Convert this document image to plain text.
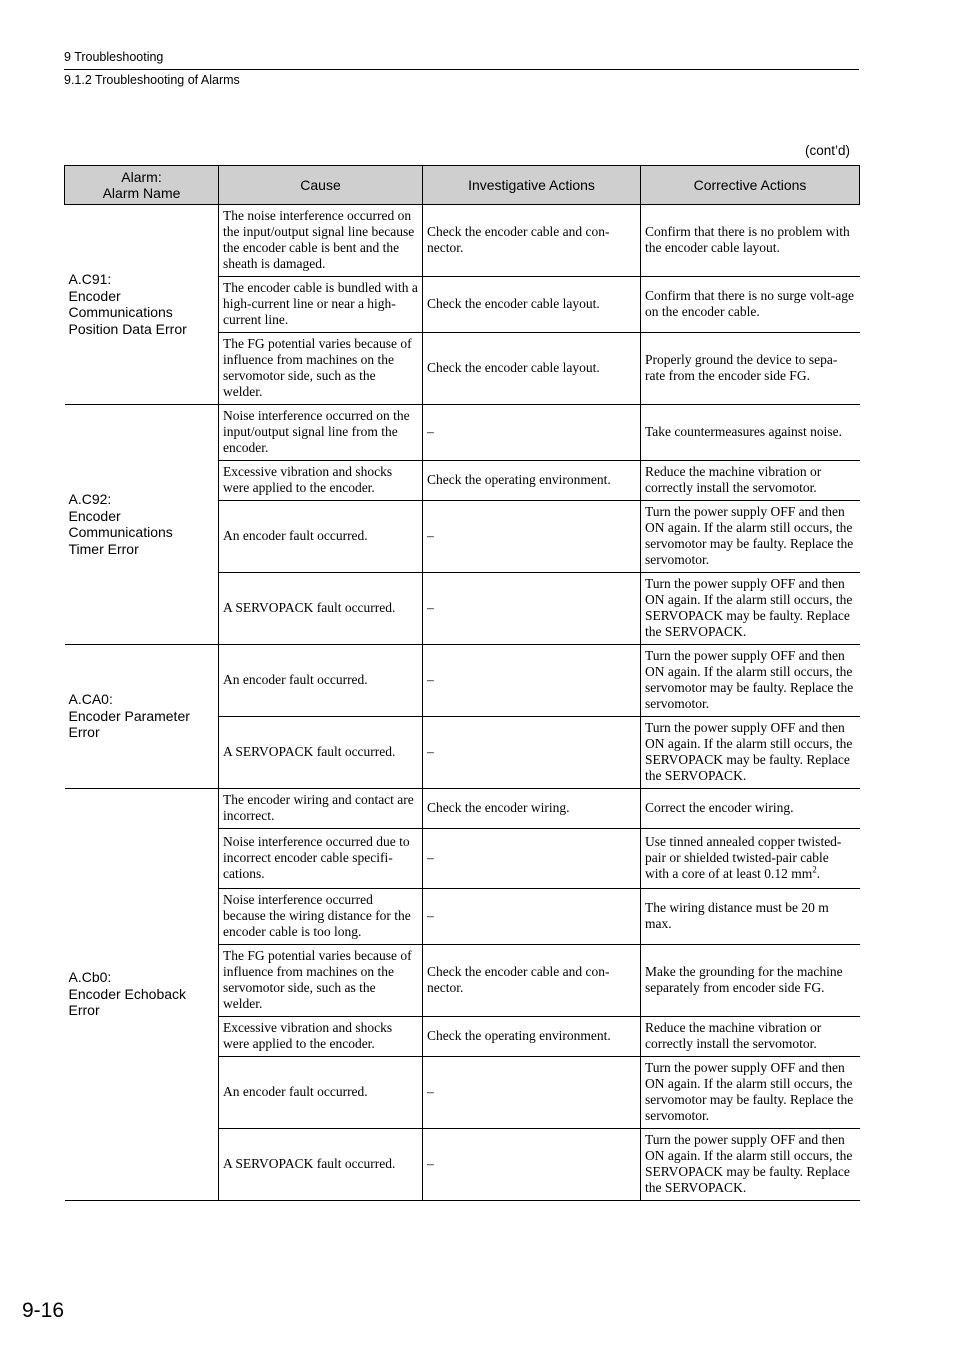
9 Troubleshooting
9.1.2 Troubleshooting of Alarms
(cont’d)
Alarm:
Alarm Name	Cause	Investigative Actions	Corrective Actions
A.C91:
Encoder
Communications
Position Data Error	The noise interference occurred on the input/output signal line because the encoder cable is bent and the sheath is damaged.	Check the encoder cable and con-nector.	Confirm that there is no problem with the encoder cable layout.
	The encoder cable is bundled with a high-current line or near a high-current line.	Check the encoder cable layout.	Confirm that there is no surge volt-age on the encoder cable.
	The FG potential varies because of influence from machines on the servomotor side, such as the welder.	Check the encoder cable layout.	Properly ground the device to sepa-rate from the encoder side FG.
A.C92:
Encoder
Communications
Timer Error	Noise interference occurred on the input/output signal line from the encoder.	–	Take countermeasures against noise.
	Excessive vibration and shocks were applied to the encoder.	Check the operating environment.	Reduce the machine vibration or correctly install the servomotor.
	An encoder fault occurred.	–	Turn the power supply OFF and then ON again. If the alarm still occurs, the servomotor may be faulty. Replace the servomotor.
	A SERVOPACK fault occurred.	–	Turn the power supply OFF and then ON again. If the alarm still occurs, the SERVOPACK may be faulty. Replace the SERVOPACK.
A.CA0:
Encoder Parameter
Error	An encoder fault occurred.	–	Turn the power supply OFF and then ON again. If the alarm still occurs, the servomotor may be faulty. Replace the servomotor.
	A SERVOPACK fault occurred.	–	Turn the power supply OFF and then ON again. If the alarm still occurs, the SERVOPACK may be faulty. Replace the SERVOPACK.
A.Cb0:
Encoder Echoback
Error	The encoder wiring and contact are incorrect.	Check the encoder wiring.	Correct the encoder wiring.
	Noise interference occurred due to incorrect encoder cable specifi-cations.	–	Use tinned annealed copper twisted-pair or shielded twisted-pair cable with a core of at least 0.12 $mm^2$.
	Noise interference occurred because the wiring distance for the encoder cable is too long.	–	The wiring distance must be 20 m max.
	The FG potential varies because of influence from machines on the servomotor side, such as the welder.	Check the encoder cable and con-nector.	Make the grounding for the machine separately from encoder side FG.
	Excessive vibration and shocks were applied to the encoder.	Check the operating environment.	Reduce the machine vibration or correctly install the servomotor.
	An encoder fault occurred.	–	Turn the power supply OFF and then ON again. If the alarm still occurs, the servomotor may be faulty. Replace the servomotor.
	A SERVOPACK fault occurred.	–	Turn the power supply OFF and then ON again. If the alarm still occurs, the SERVOPACK may be faulty. Replace the SERVOPACK.
9-16
